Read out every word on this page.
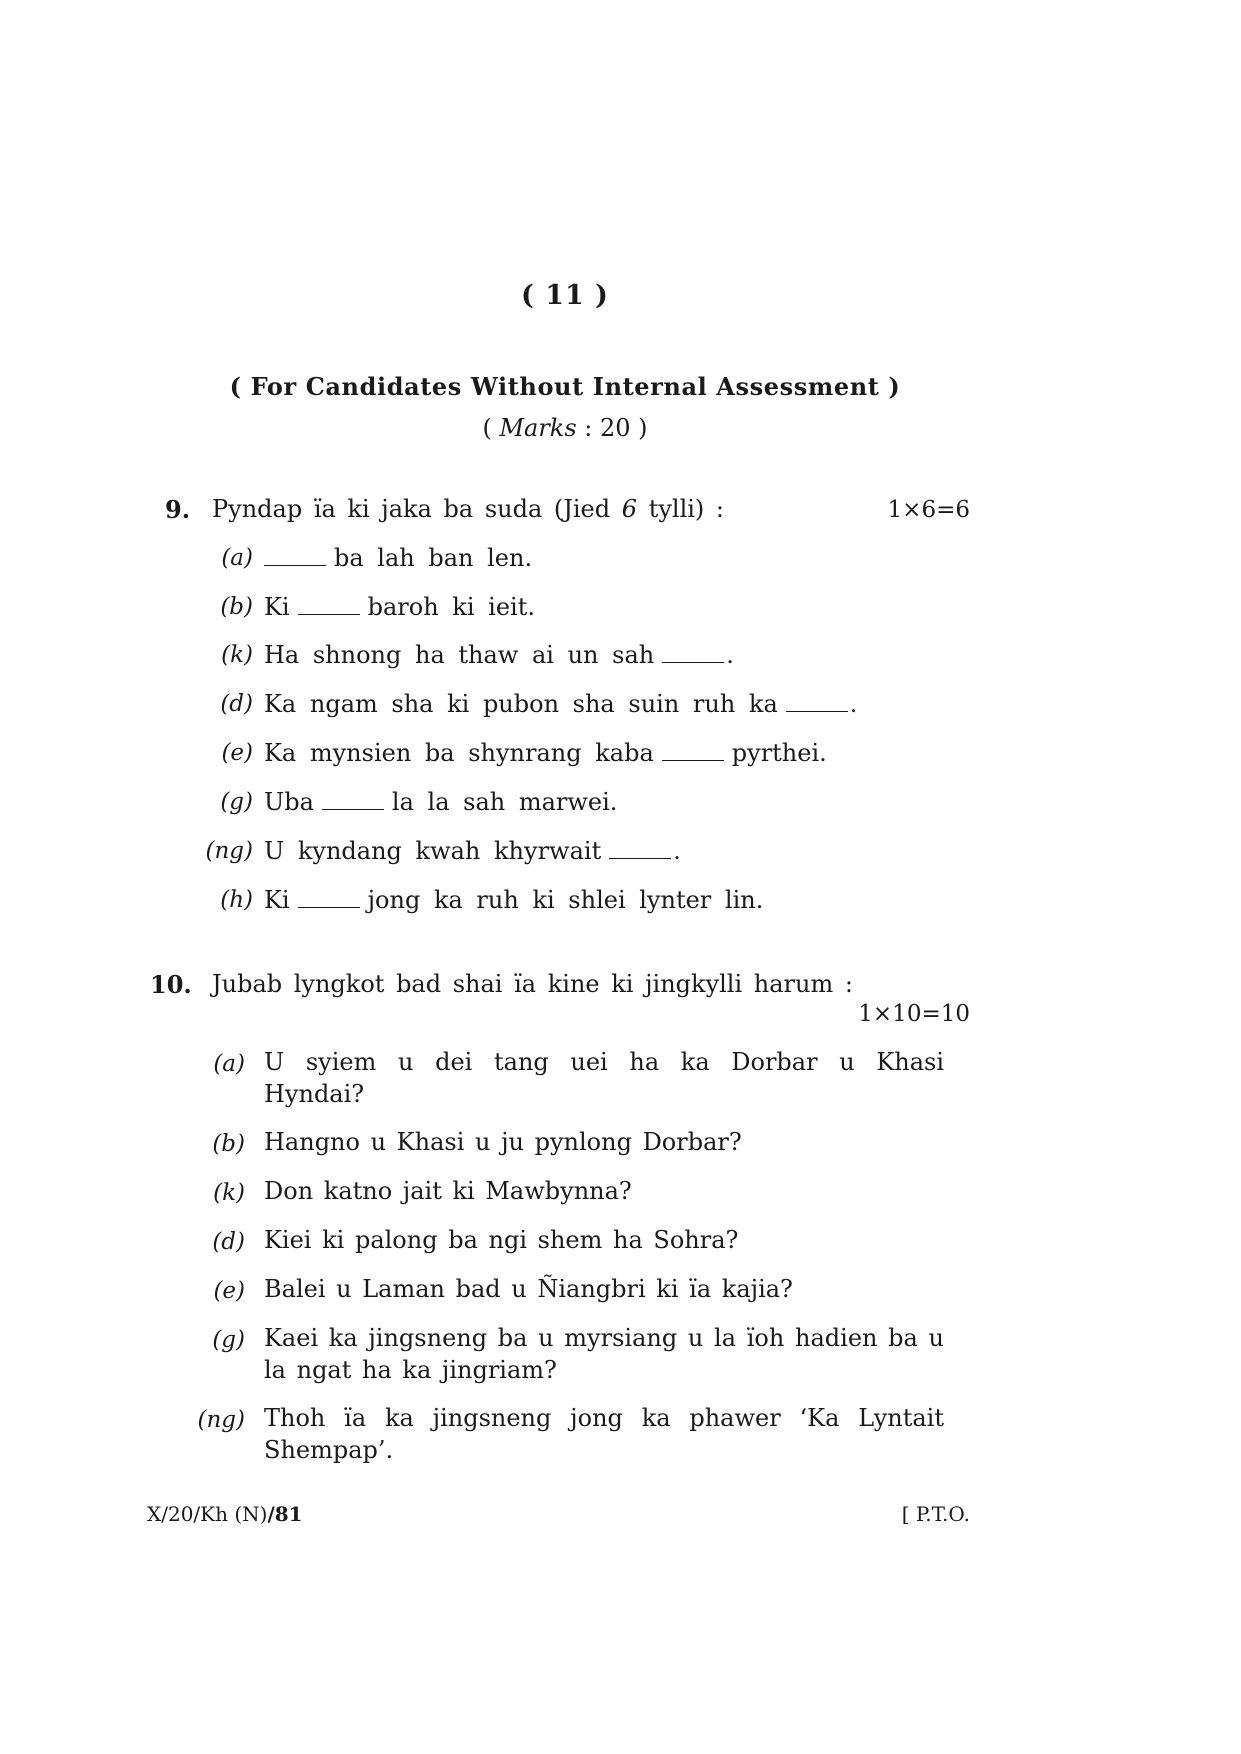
( 11 )
( For Candidates Without Internal Assessment )
( Marks : 20 )
9. Pyndap ïa ki jaka ba suda (Jied 6 tylli) :	1×6=6
(a)	ba lah ban len.
(b) Ki	baroh ki ieit.
(k) Ha shnong ha thaw ai un sah	.
(d) Ka ngam sha ki pubon sha suin ruh ka	.
(e) Ka mynsien ba shynrang kaba	pyrthei.
(g) Uba	la la sah marwei.
(ng) U kyndang kwah khyrwait	.
(h) Ki	jong ka ruh ki shlei lynter lin.
10. Jubab lyngkot bad shai ïa kine ki jingkylli harum :
1×10=10
(a) U syiem u dei tang uei ha ka Dorbar u Khasi Hyndai?
(b) Hangno u Khasi u ju pynlong Dorbar?
(k) Don katno jait ki Mawbynna?
(d) Kiei ki palong ba ngi shem ha Sohra?
(e) Balei u Laman bad u Ñiangbri ki ïa kajia?
(g) Kaei ka jingsneng ba u myrsiang u la ïoh hadien ba u la ngat ha ka jingriam?
(ng) Thoh ïa ka jingsneng jong ka phawer ‘Ka Lyntait Shempap’.
X/20/Kh (N)/81	[ P.T.O.
